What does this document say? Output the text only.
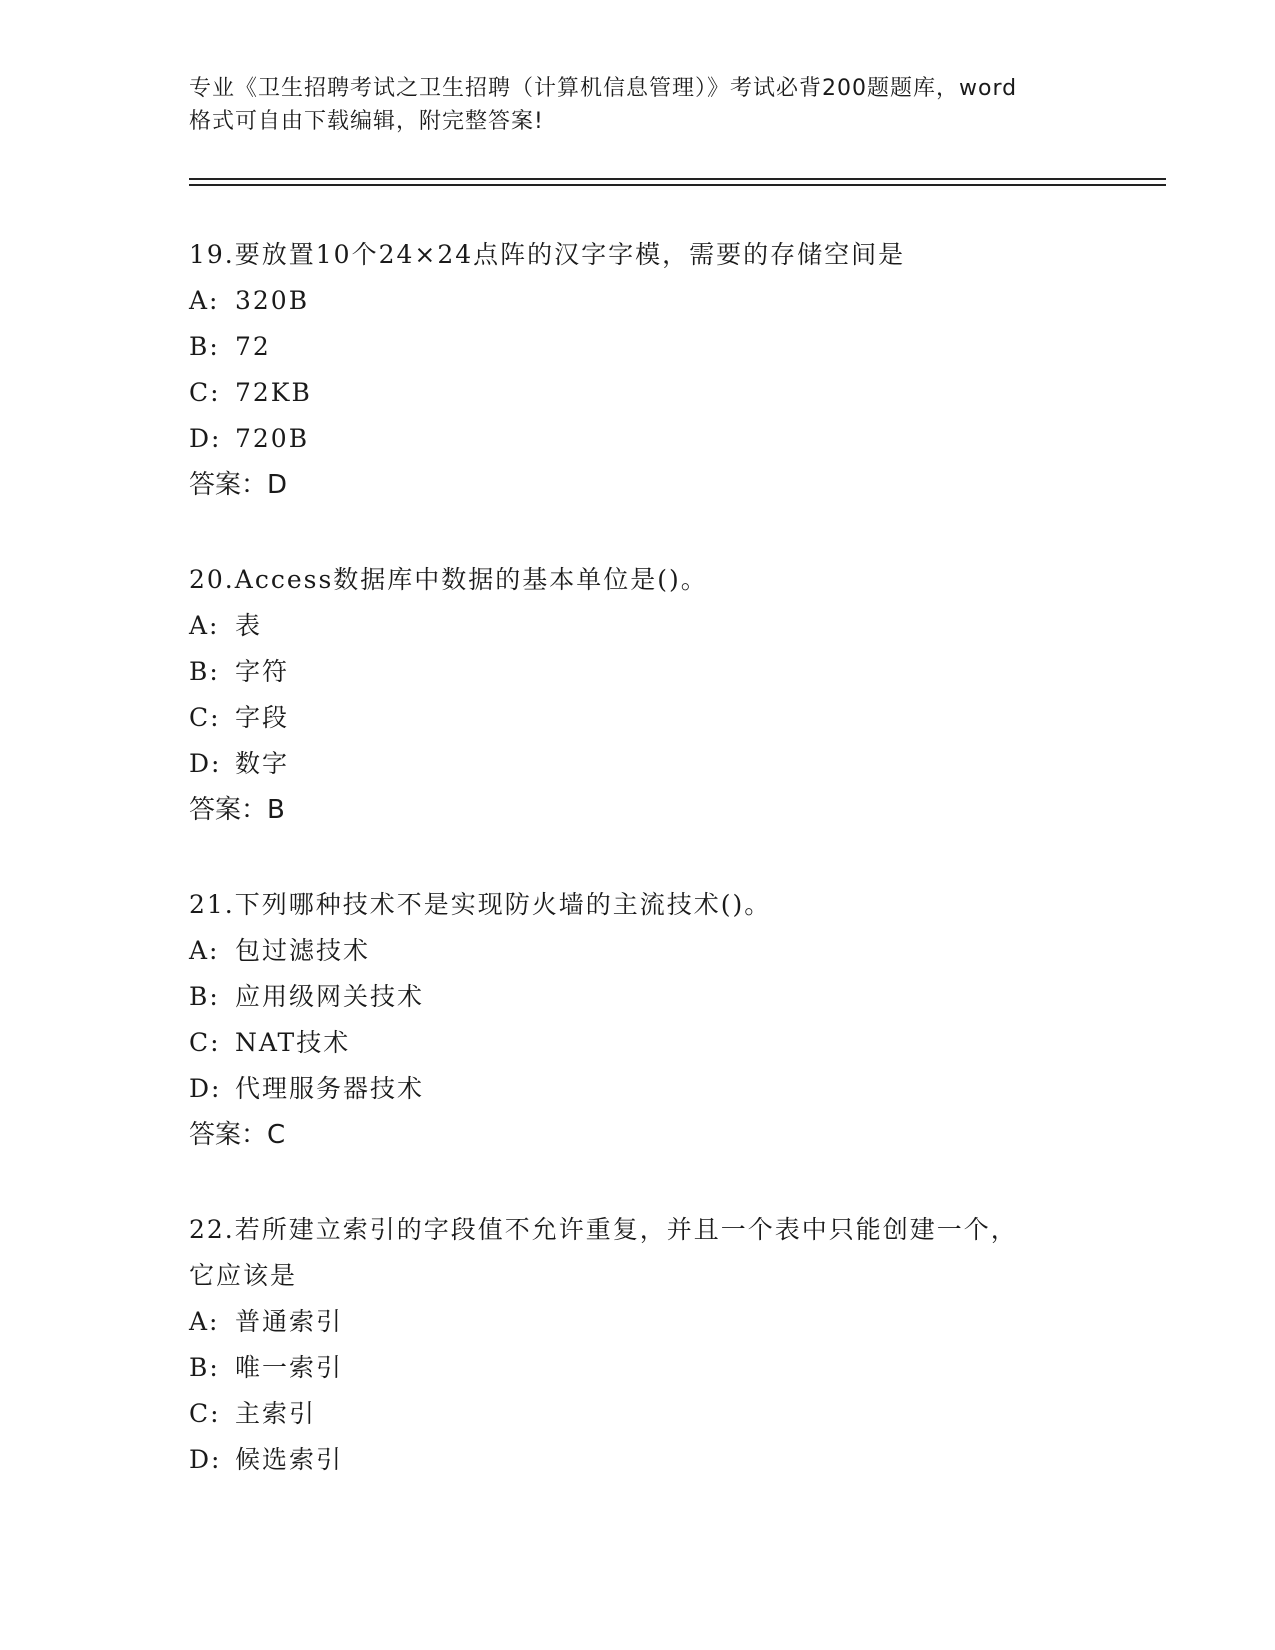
专业《卫生招聘考试之卫生招聘（计算机信息管理）》考试必背200题题库，word
格式可自由下载编辑，附完整答案!

19.要放置10个24×24点阵的汉字字模，需要的存储空间是

A: 320B

B: 72

C: 72KB

D: 720B

答案：D

20.Access数据库中数据的基本单位是()。

A: 表

B: 字符

C: 字段

D: 数字

答案：B

21.下列哪种技术不是实现防火墙的主流技术()。

A: 包过滤技术

B: 应用级网关技术

C: NAT技术

D: 代理服务器技术

答案：C

22.若所建立索引的字段值不允许重复，并且一个表中只能创建一个，

它应该是

A: 普通索引

B: 唯一索引

C: 主索引

D: 候选索引
